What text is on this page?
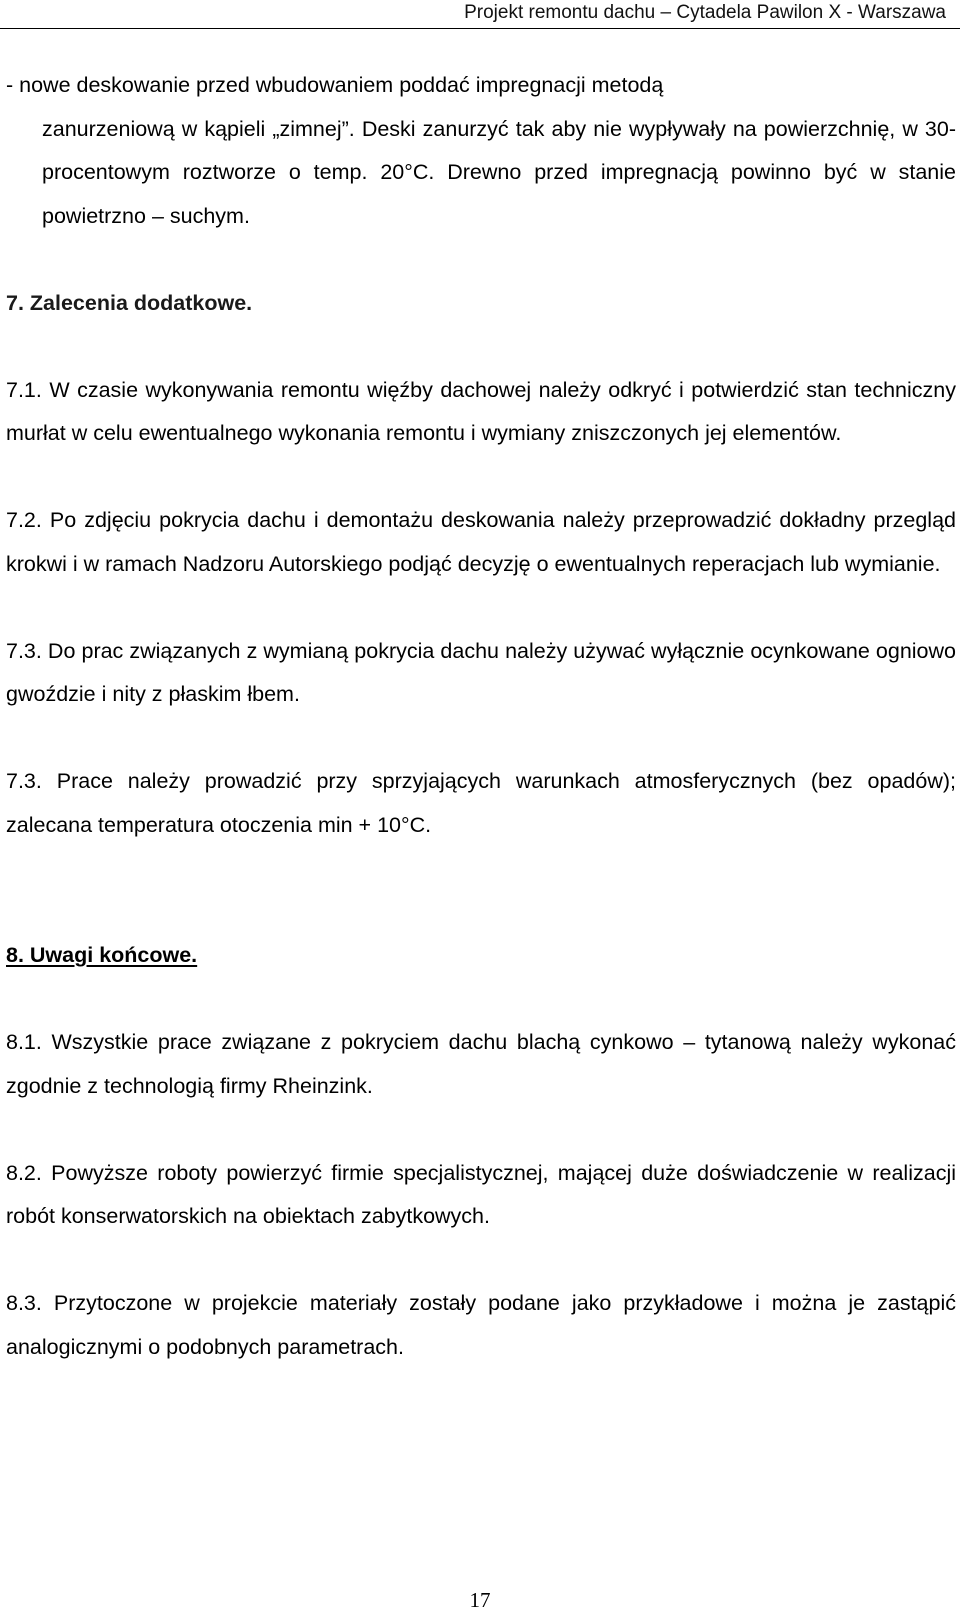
Projekt remontu dachu – Cytadela Pawilon X - Warszawa

- nowe deskowanie przed wbudowaniem poddać impregnacji metodą

zanurzeniową w kąpieli „zimnej”. Deski zanurzyć tak aby nie wypływały na powierzchnię, w 30-procentowym roztworze o temp. 20°C. Drewno przed impregnacją powinno być w stanie powietrzno – suchym.

7. Zalecenia dodatkowe.

7.1. W czasie wykonywania remontu więźby dachowej należy odkryć i potwierdzić stan techniczny murłat w celu ewentualnego wykonania remontu i wymiany zniszczonych jej elementów.

7.2. Po zdjęciu pokrycia dachu i demontażu deskowania należy przeprowadzić dokładny przegląd krokwi i w ramach Nadzoru Autorskiego podjąć decyzję o ewentualnych reperacjach lub wymianie.

7.3. Do prac związanych z wymianą pokrycia dachu należy używać wyłącznie ocynkowane ogniowo gwoździe i nity z płaskim łbem.

7.3. Prace należy prowadzić przy sprzyjających warunkach atmosferycznych (bez opadów); zalecana temperatura otoczenia min + 10°C.

8. Uwagi końcowe.

8.1. Wszystkie prace związane z pokryciem dachu blachą cynkowo – tytanową należy wykonać zgodnie z technologią firmy Rheinzink.

8.2. Powyższe roboty powierzyć firmie specjalistycznej, mającej duże doświadczenie w realizacji robót konserwatorskich na obiektach zabytkowych.

8.3. Przytoczone w projekcie materiały zostały podane jako przykładowe i można je zastąpić analogicznymi o podobnych parametrach.

17
